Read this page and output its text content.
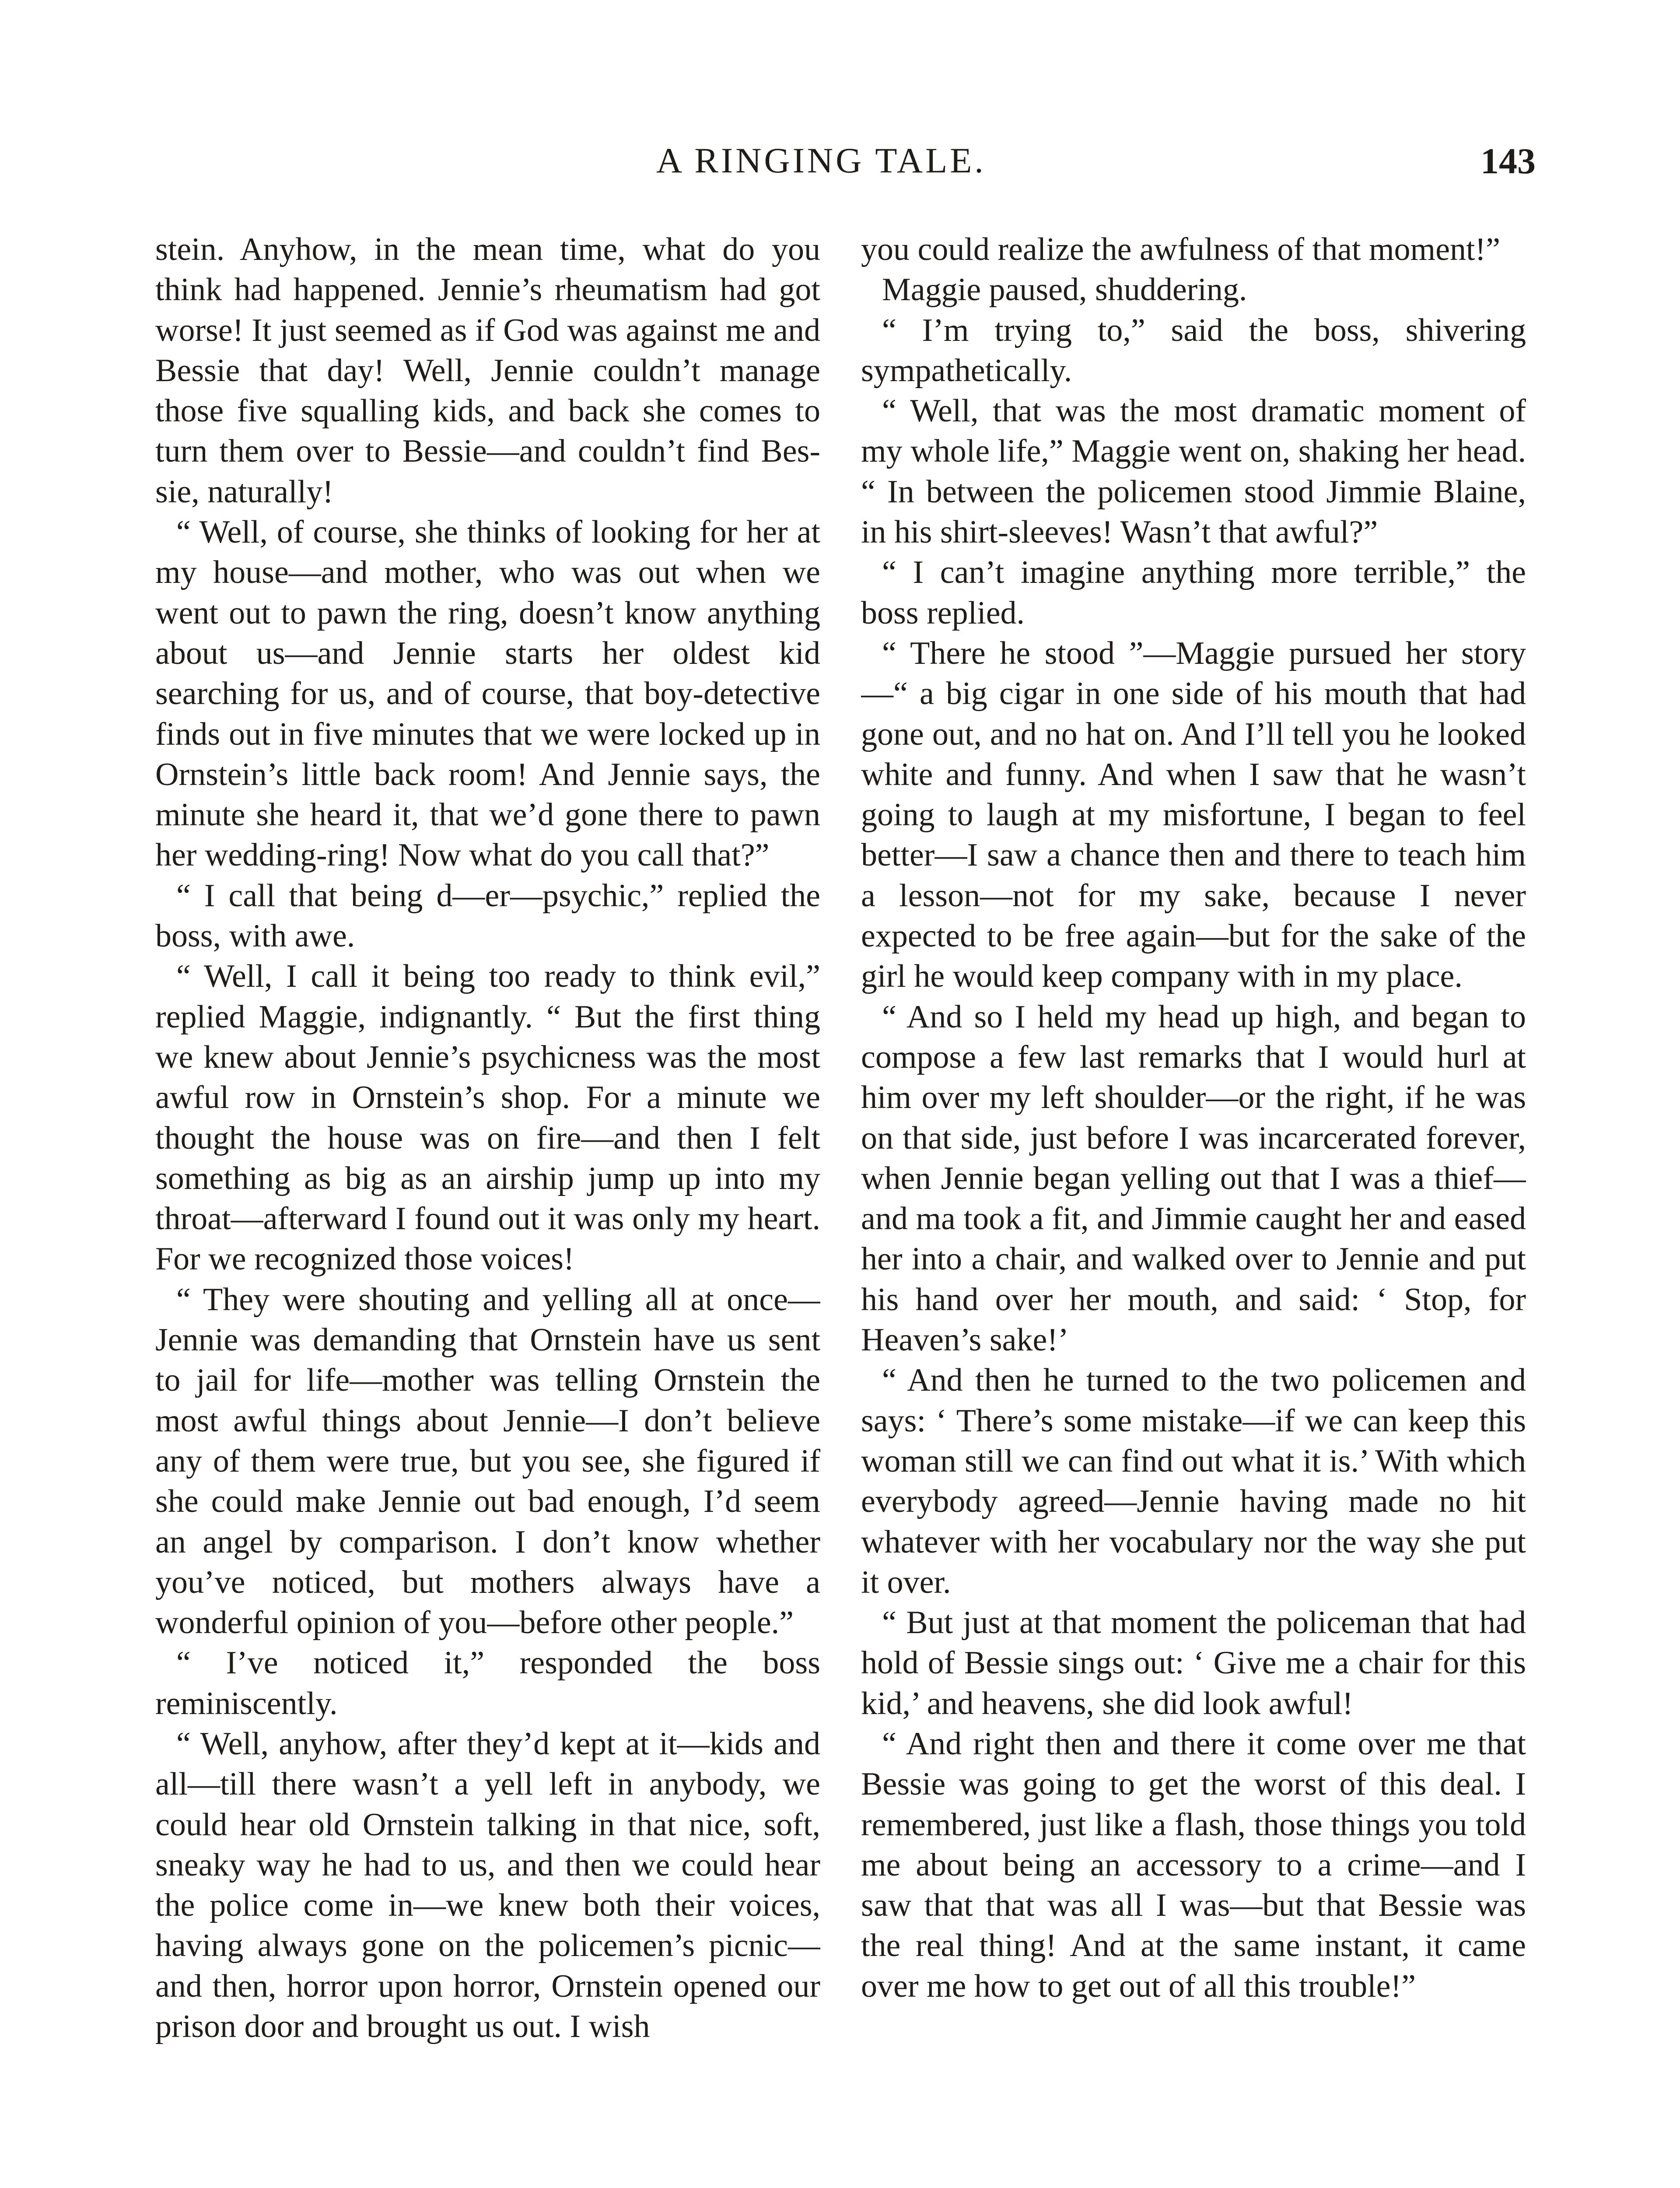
A RINGING TALE.	143

stein. Anyhow, in the mean time, what do you think had happened. Jennie’s rheumatism had got worse! It just seemed as if God was against me and Bessie that day! Well, Jennie couldn’t manage those five squalling kids, and back she comes to turn them over to Bessie—and couldn’t find Bessie, naturally!

“ Well, of course, she thinks of looking for her at my house—and mother, who was out when we went out to pawn the ring, doesn’t know anything about us—and Jennie starts her oldest kid searching for us, and of course, that boy-detective finds out in five minutes that we were locked up in Ornstein’s little back room! And Jennie says, the minute she heard it, that we’d gone there to pawn her wedding-ring! Now what do you call that?”

“ I call that being d—er—psychic,” replied the boss, with awe.

“ Well, I call it being too ready to think evil,” replied Maggie, indignantly. “ But the first thing we knew about Jennie’s psychicness was the most awful row in Ornstein’s shop. For a minute we thought the house was on fire—and then I felt something as big as an airship jump up into my throat—afterward I found out it was only my heart. For we recognized those voices!

“ They were shouting and yelling all at once—Jennie was demanding that Ornstein have us sent to jail for life—mother was telling Ornstein the most awful things about Jennie—I don’t believe any of them were true, but you see, she figured if she could make Jennie out bad enough, I’d seem an angel by comparison. I don’t know whether you’ve noticed, but mothers always have a wonderful opinion of you—before other people.”

“ I’ve noticed it,” responded the boss reminiscently.

“ Well, anyhow, after they’d kept at it—kids and all—till there wasn’t a yell left in anybody, we could hear old Ornstein talking in that nice, soft, sneaky way he had to us, and then we could hear the police come in—we knew both their voices, having always gone on the policemen’s picnic—and then, horror upon horror, Ornstein opened our prison door and brought us out. I wish

you could realize the awfulness of that moment!”

Maggie paused, shuddering.

“ I’m trying to,” said the boss, shivering sympathetically.

“ Well, that was the most dramatic moment of my whole life,” Maggie went on, shaking her head. “ In between the policemen stood Jimmie Blaine, in his shirt-sleeves! Wasn’t that awful?”

“ I can’t imagine anything more terrible,” the boss replied.

“ There he stood ”—Maggie pursued her story—“ a big cigar in one side of his mouth that had gone out, and no hat on. And I’ll tell you he looked white and funny. And when I saw that he wasn’t going to laugh at my misfortune, I began to feel better—I saw a chance then and there to teach him a lesson—not for my sake, because I never expected to be free again—but for the sake of the girl he would keep company with in my place.

“ And so I held my head up high, and began to compose a few last remarks that I would hurl at him over my left shoulder—or the right, if he was on that side, just before I was incarcerated forever, when Jennie began yelling out that I was a thief—and ma took a fit, and Jimmie caught her and eased her into a chair, and walked over to Jennie and put his hand over her mouth, and said: ‘ Stop, for Heaven’s sake!’

“ And then he turned to the two policemen and says: ‘ There’s some mistake—if we can keep this woman still we can find out what it is.’ With which everybody agreed—Jennie having made no hit whatever with her vocabulary nor the way she put it over.

“ But just at that moment the policeman that had hold of Bessie sings out: ‘ Give me a chair for this kid,’ and heavens, she did look awful!

“ And right then and there it come over me that Bessie was going to get the worst of this deal. I remembered, just like a flash, those things you told me about being an accessory to a crime—and I saw that that was all I was—but that Bessie was the real thing! And at the same instant, it came over me how to get out of all this trouble!”
